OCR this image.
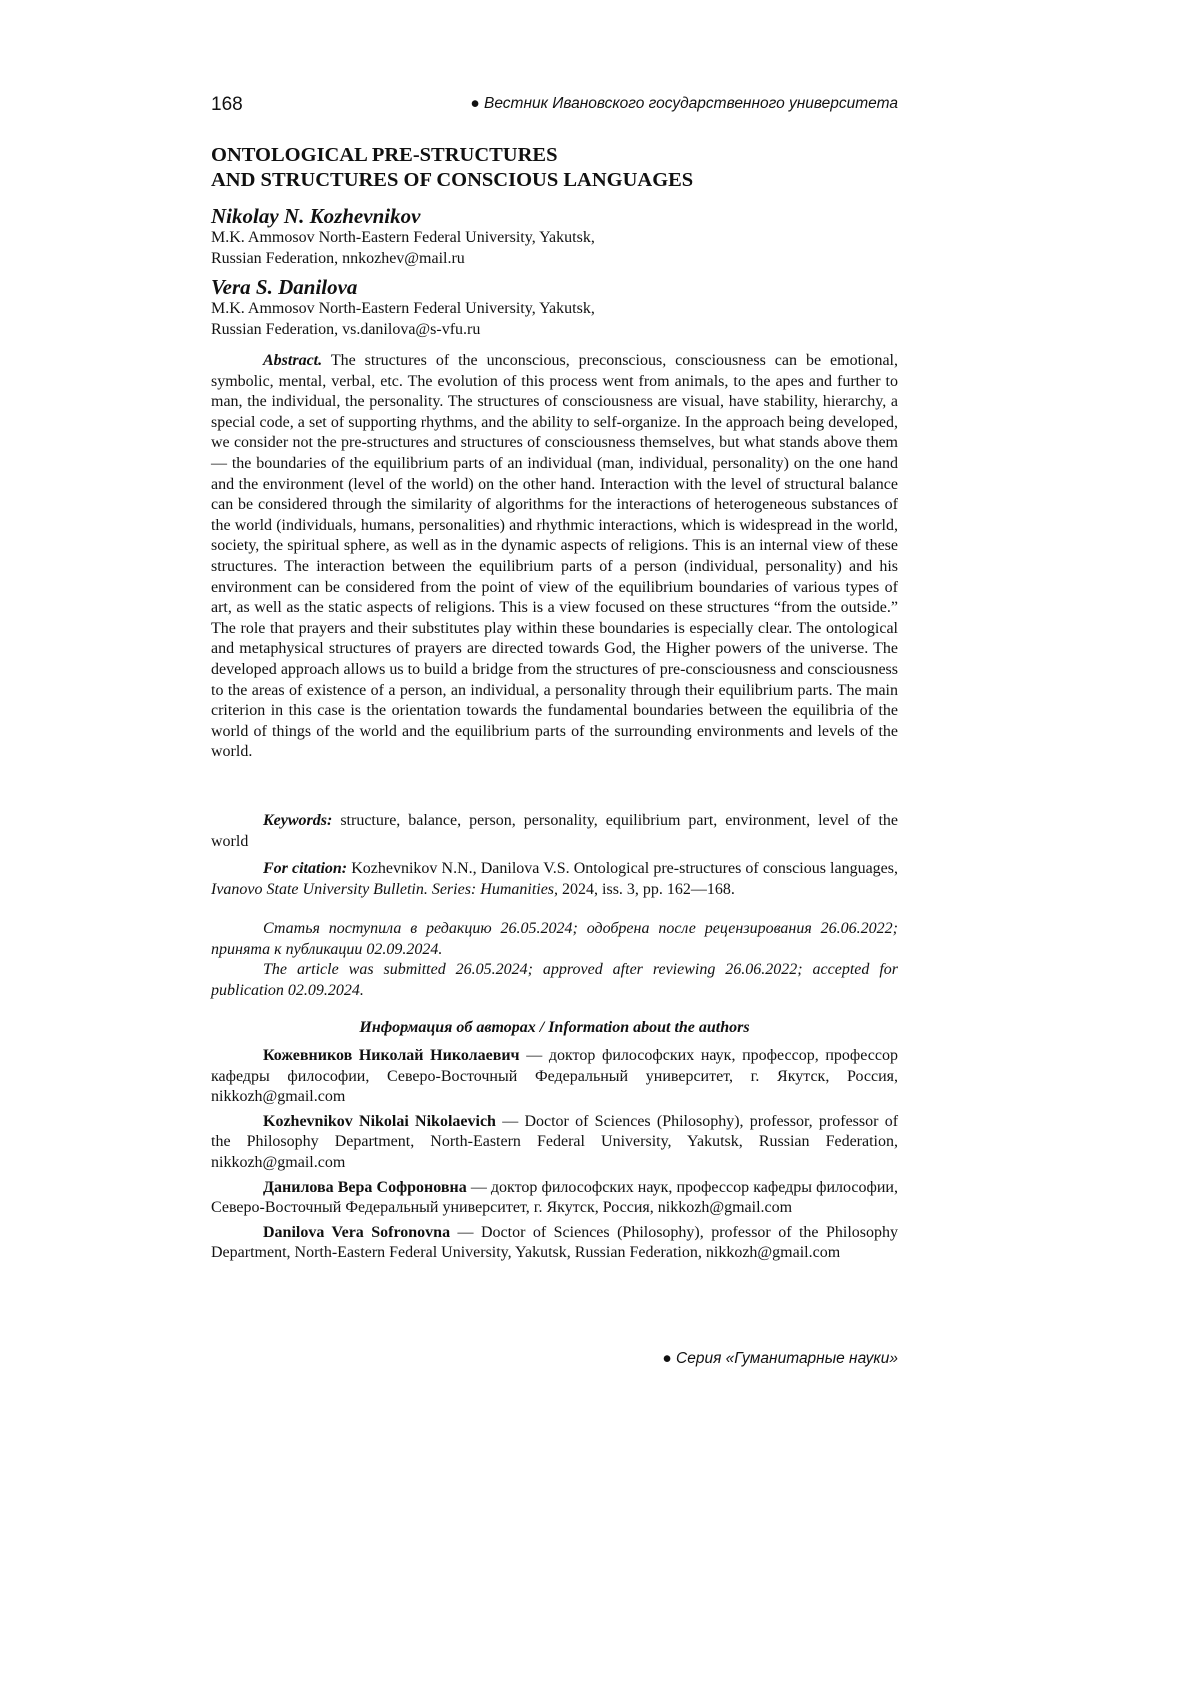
168	● Вестник Ивановского государственного университета
ONTOLOGICAL PRE-STRUCTURES
AND STRUCTURES OF CONSCIOUS LANGUAGES
Nikolay N. Kozhevnikov
M.K. Ammosov North-Eastern Federal University, Yakutsk,
Russian Federation, nnkozhev@mail.ru
Vera S. Danilova
M.K. Ammosov North-Eastern Federal University, Yakutsk,
Russian Federation, vs.danilova@s-vfu.ru

Abstract. The structures of the unconscious, preconscious, consciousness can be emotional, symbolic, mental, verbal, etc. The evolution of this process went from animals, to the apes and further to man, the individual, the personality. The structures of consciousness are visual, have stability, hierarchy, a special code, a set of supporting rhythms, and the ability to self-organize. In the approach being developed, we consider not the pre-structures and structures of consciousness themselves, but what stands above them — the boundaries of the equilibrium parts of an individual (man, individual, personality) on the one hand and the environment (level of the world) on the other hand. Interaction with the level of structural balance can be considered through the similarity of algorithms for the interactions of heterogeneous substances of the world (individuals, humans, personalities) and rhythmic interactions, which is widespread in the world, society, the spiritual sphere, as well as in the dynamic aspects of religions. This is an internal view of these structures. The interaction between the equilibrium parts of a person (individual, personality) and his environment can be considered from the point of view of the equilibrium boundaries of various types of art, as well as the static aspects of religions. This is a view focused on these structures “from the outside.” The role that prayers and their substitutes play within these boundaries is especially clear. The ontological and metaphysical structures of prayers are directed towards God, the Higher powers of the universe. The developed approach allows us to build a bridge from the structures of pre-consciousness and consciousness to the areas of existence of a person, an individual, a personality through their equilibrium parts. The main criterion in this case is the orientation towards the fundamental boundaries between the equilibria of the world of things of the world and the equilibrium parts of the surrounding environments and levels of the world.

Keywords: structure, balance, person, personality, equilibrium part, environment, level of the world

For citation: Kozhevnikov N.N., Danilova V.S. Ontological pre-structures of conscious languages, Ivanovo State University Bulletin. Series: Humanities, 2024, iss. 3, pp. 162—168.

Статья поступила в редакцию 26.05.2024; одобрена после рецензирования 26.06.2022; принята к публикации 02.09.2024.

The article was submitted 26.05.2024; approved after reviewing 26.06.2022; accepted for publication 02.09.2024.

Информация об авторах / Information about the authors

Кожевников Николай Николаевич — доктор философских наук, профессор, профессор кафедры философии, Северо-Восточный Федеральный университет, г. Якутск, Россия, nikkozh@gmail.com

Kozhevnikov Nikolai Nikolaevich — Doctor of Sciences (Philosophy), professor, professor of the Philosophy Department, North-Eastern Federal University, Yakutsk, Russian Federation, nikkozh@gmail.com

Данилова Вера Софроновна — доктор философских наук, профессор кафедры философии, Северо-Восточный Федеральный университет, г. Якутск, Россия, nikkozh@gmail.com

Danilova Vera Sofronovna — Doctor of Sciences (Philosophy), professor of the Philosophy Department, North-Eastern Federal University, Yakutsk, Russian Federation, nikkozh@gmail.com

● Серия «Гуманитарные науки»
